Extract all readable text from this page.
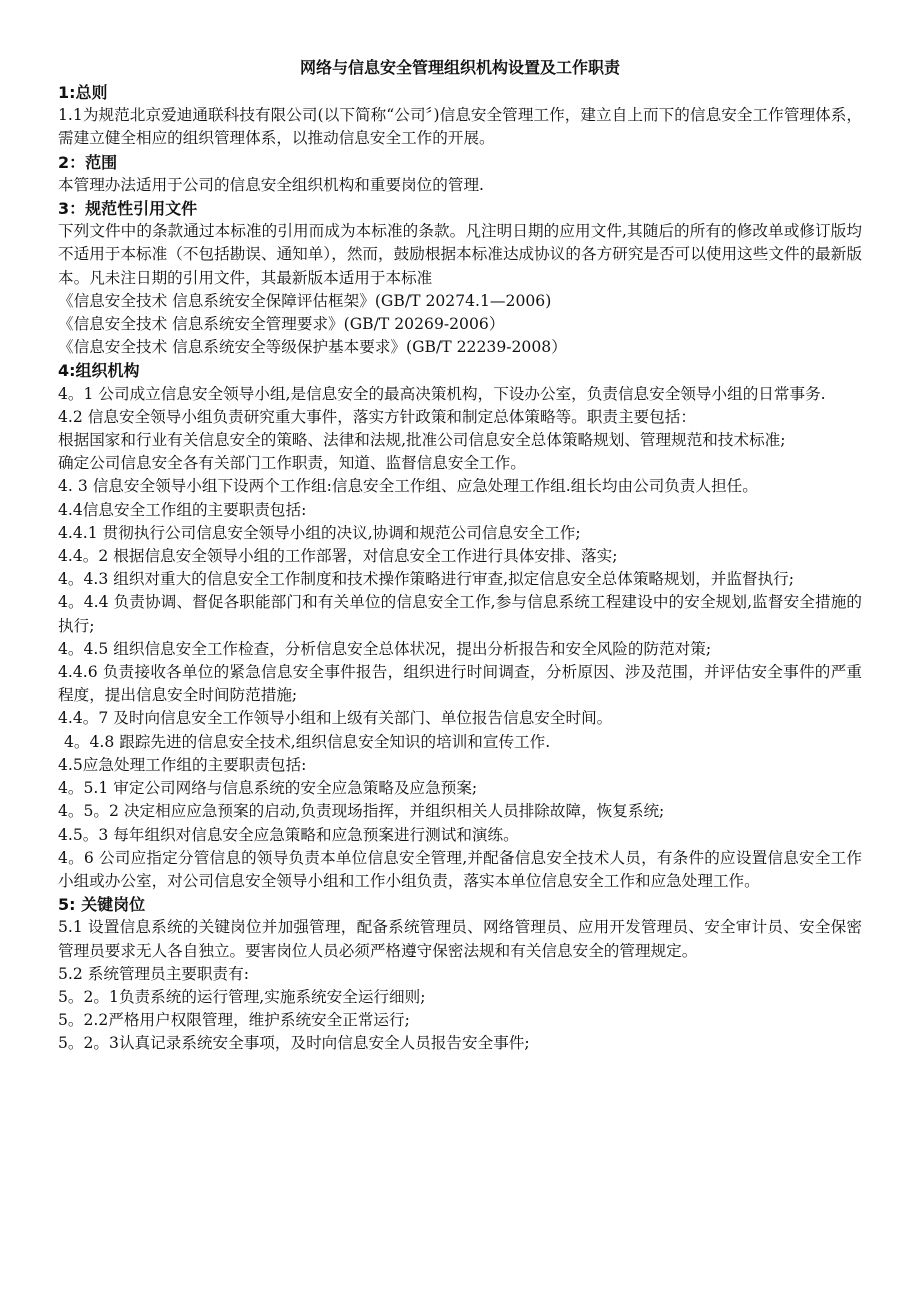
网络与信息安全管理组织机构设置及工作职责
1:总则
1.1为规范北京爱迪通联科技有限公司(以下简称“公司〞)信息安全管理工作，建立自上而下的信息安全工作管理体系，需建立健全相应的组织管理体系，以推动信息安全工作的开展。
2：范围
本管理办法适用于公司的信息安全组织机构和重要岗位的管理.
3：规范性引用文件
下列文件中的条款通过本标准的引用而成为本标准的条款。凡注明日期的应用文件,其随后的所有的修改单或修订版均不适用于本标准（不包括勘误、通知单），然而，鼓励根据本标准达成协议的各方研究是否可以使用这些文件的最新版本。凡未注日期的引用文件，其最新版本适用于本标准
《信息安全技术 信息系统安全保障评估框架》(GB/T 20274.1—2006)
《信息安全技术 信息系统安全管理要求》(GB/T 20269-2006）
《信息安全技术 信息系统安全等级保护基本要求》(GB/T 22239-2008）
4:组织机构
4。1 公司成立信息安全领导小组,是信息安全的最高决策机构，下设办公室，负责信息安全领导小组的日常事务.
4.2 信息安全领导小组负责研究重大事件，落实方针政策和制定总体策略等。职责主要包括：
根据国家和行业有关信息安全的策略、法律和法规,批准公司信息安全总体策略规划、管理规范和技术标准;
确定公司信息安全各有关部门工作职责，知道、监督信息安全工作。
4. 3 信息安全领导小组下设两个工作组:信息安全工作组、应急处理工作组.组长均由公司负责人担任。
4.4信息安全工作组的主要职责包括:
4.4.1 贯彻执行公司信息安全领导小组的决议,协调和规范公司信息安全工作;
4.4。2 根据信息安全领导小组的工作部署，对信息安全工作进行具体安排、落实;
4。4.3 组织对重大的信息安全工作制度和技术操作策略进行审查,拟定信息安全总体策略规划，并监督执行;
4。4.4 负责协调、督促各职能部门和有关单位的信息安全工作,参与信息系统工程建设中的安全规划,监督安全措施的执行;
4。4.5 组织信息安全工作检查，分析信息安全总体状况，提出分析报告和安全风险的防范对策;
4.4.6 负责接收各单位的紧急信息安全事件报告，组织进行时间调查，分析原因、涉及范围，并评估安全事件的严重程度，提出信息安全时间防范措施;
4.4。7 及时向信息安全工作领导小组和上级有关部门、单位报告信息安全时间。
4。4.8 跟踪先进的信息安全技术,组织信息安全知识的培训和宣传工作.
4.5应急处理工作组的主要职责包括:
4。5.1 审定公司网络与信息系统的安全应急策略及应急预案;
4。5。2 决定相应应急预案的启动,负责现场指挥，并组织相关人员排除故障，恢复系统;
4.5。3 每年组织对信息安全应急策略和应急预案进行测试和演练。
4。6 公司应指定分管信息的领导负责本单位信息安全管理,并配备信息安全技术人员，有条件的应设置信息安全工作小组或办公室，对公司信息安全领导小组和工作小组负责，落实本单位信息安全工作和应急处理工作。
5: 关键岗位
5.1 设置信息系统的关键岗位并加强管理，配备系统管理员、网络管理员、应用开发管理员、安全审计员、安全保密管理员要求无人各自独立。要害岗位人员必须严格遵守保密法规和有关信息安全的管理规定。
5.2 系统管理员主要职责有:
5。2。1负责系统的运行管理,实施系统安全运行细则;
5。2.2严格用户权限管理，维护系统安全正常运行;
5。2。3认真记录系统安全事项，及时向信息安全人员报告安全事件;
